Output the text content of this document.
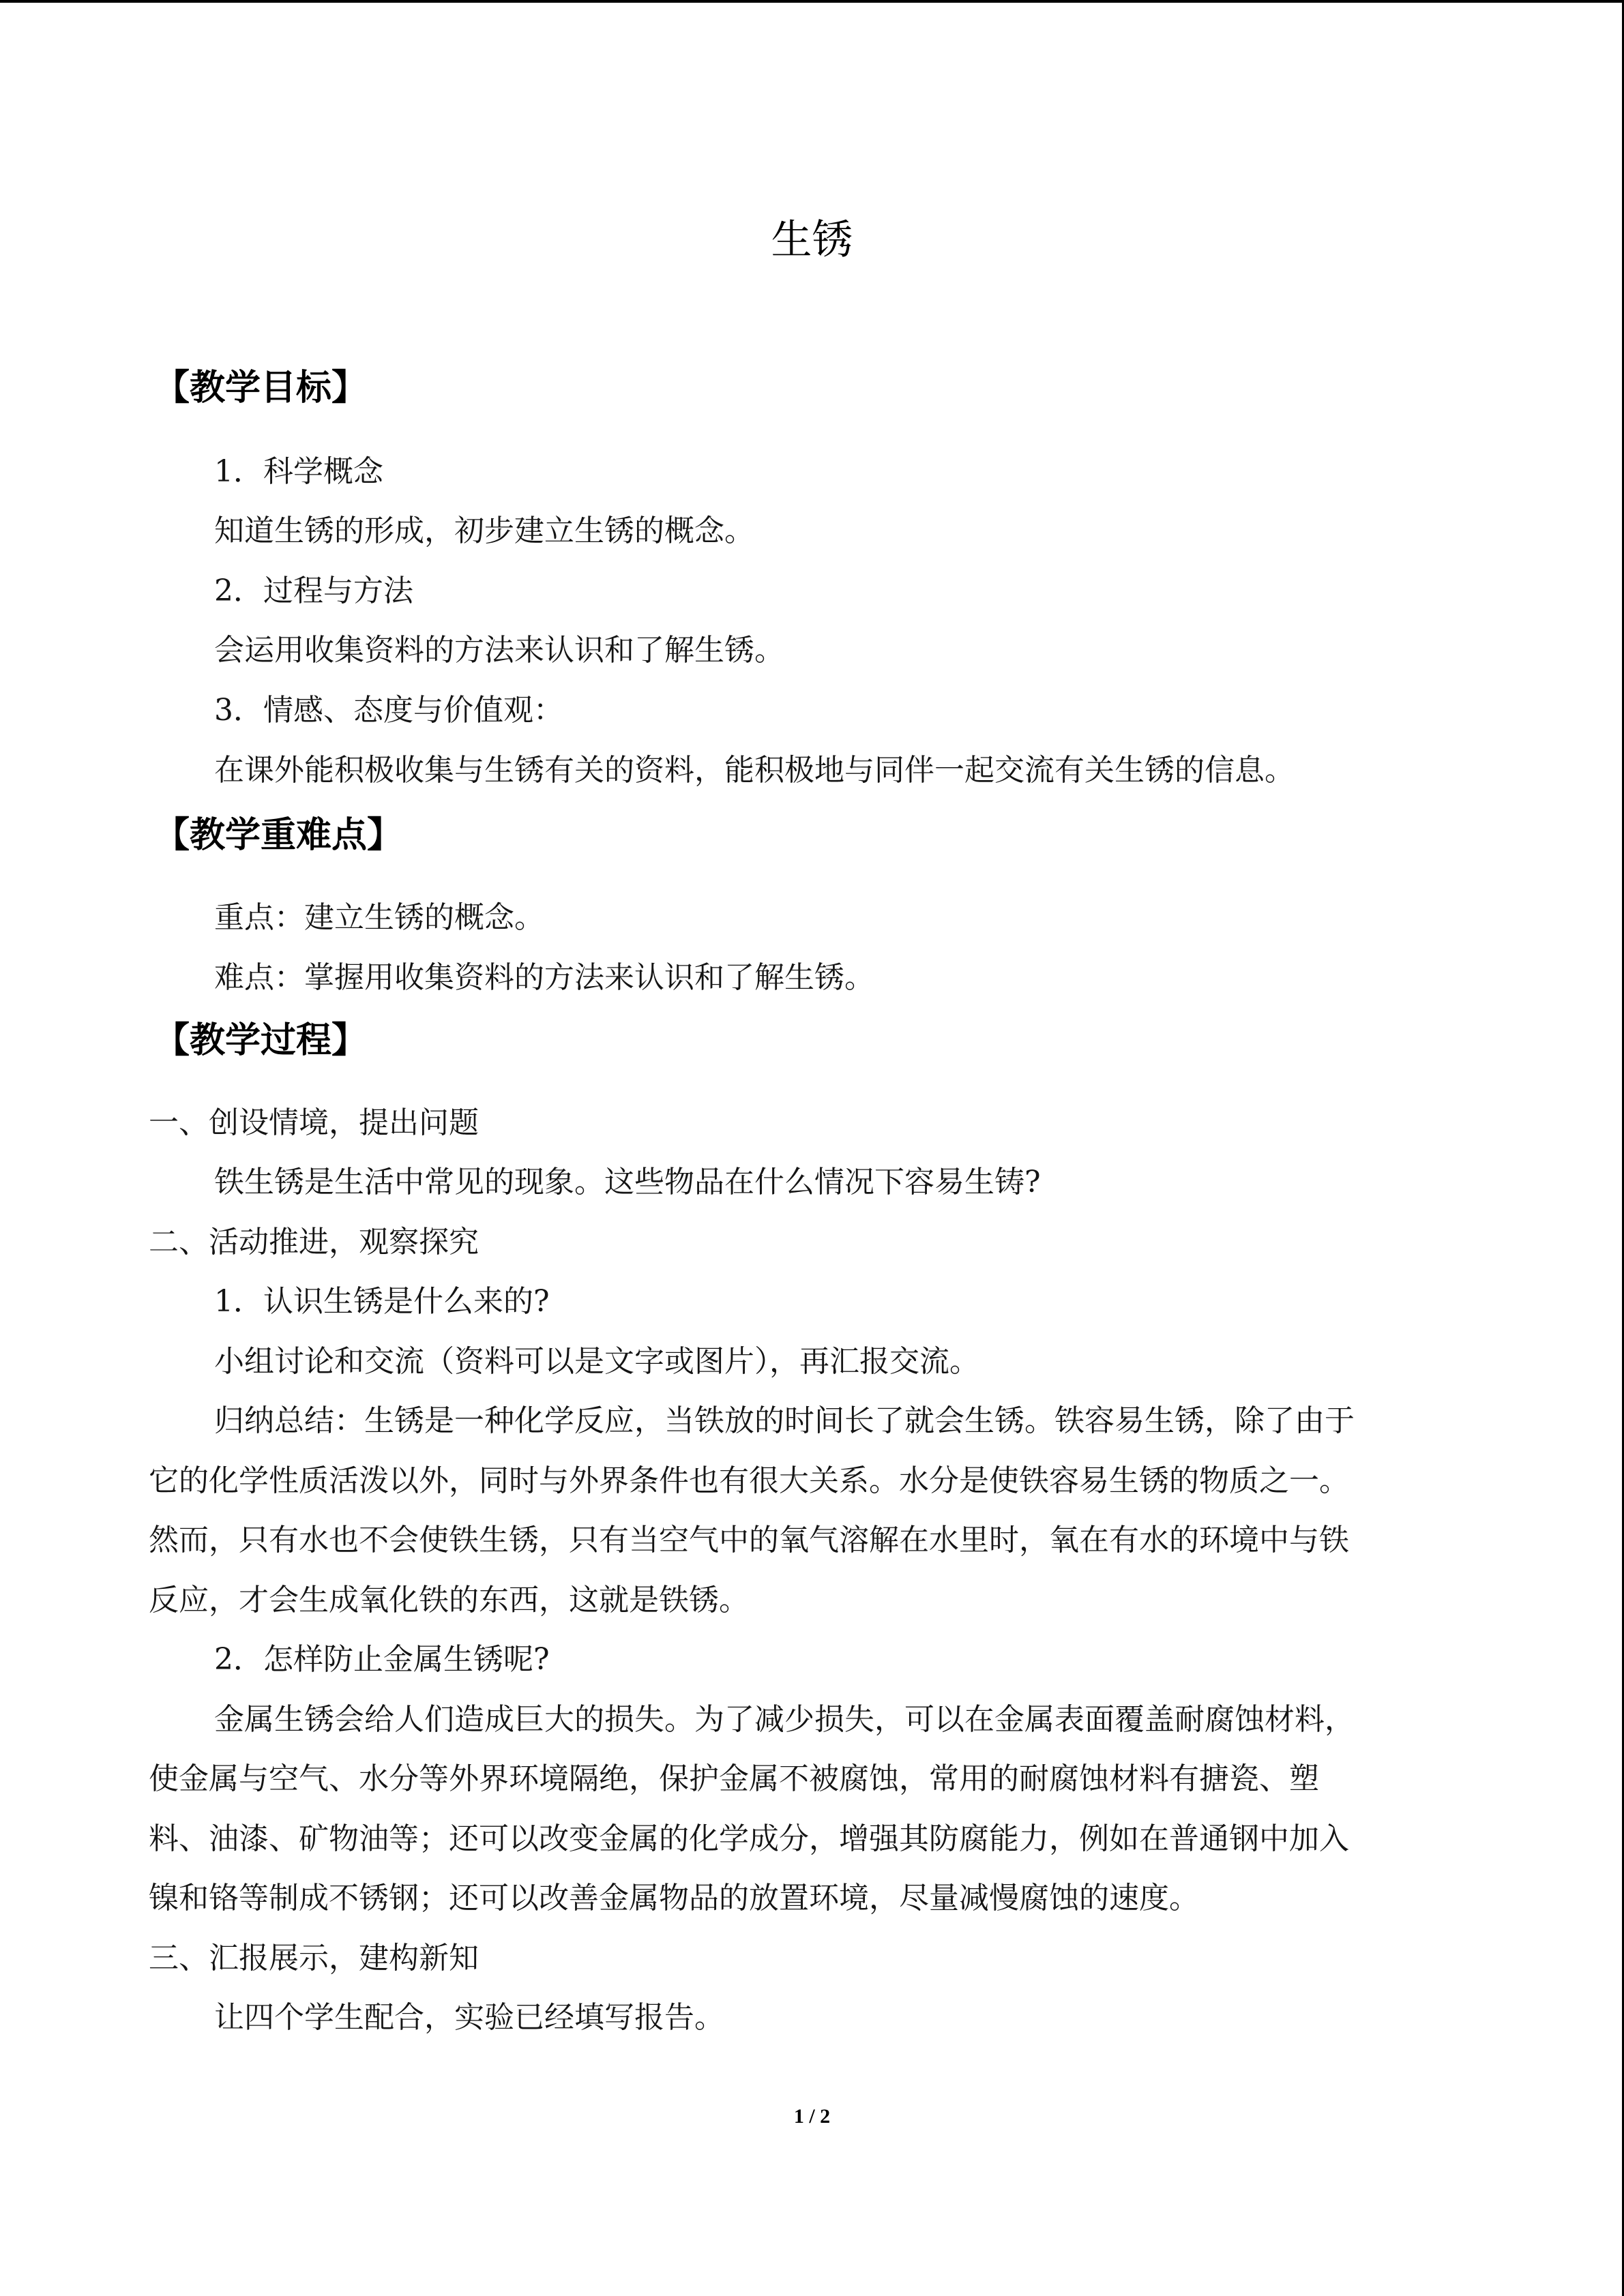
生锈
【教学目标】
1．科学概念
知道生锈的形成，初步建立生锈的概念。
2．过程与方法
会运用收集资料的方法来认识和了解生锈。
3．情感、态度与价值观：
在课外能积极收集与生锈有关的资料，能积极地与同伴一起交流有关生锈的信息。
【教学重难点】
重点：建立生锈的概念。
难点：掌握用收集资料的方法来认识和了解生锈。
【教学过程】
一、创设情境，提出问题
铁生锈是生活中常见的现象。这些物品在什么情况下容易生铸?
二、活动推进，观察探究
1．认识生锈是什么来的?
小组讨论和交流（资料可以是文字或图片），再汇报交流。
归纳总结：生锈是一种化学反应，当铁放的时间长了就会生锈。铁容易生锈，除了由于
它的化学性质活泼以外，同时与外界条件也有很大关系。水分是使铁容易生锈的物质之一。
然而，只有水也不会使铁生锈，只有当空气中的氧气溶解在水里时，氧在有水的环境中与铁
反应，才会生成氧化铁的东西，这就是铁锈。
2．怎样防止金属生锈呢?
金属生锈会给人们造成巨大的损失。为了减少损失，可以在金属表面覆盖耐腐蚀材料，
使金属与空气、水分等外界环境隔绝，保护金属不被腐蚀，常用的耐腐蚀材料有搪瓷、塑
料、油漆、矿物油等；还可以改变金属的化学成分，增强其防腐能力，例如在普通钢中加入
镍和铬等制成不锈钢；还可以改善金属物品的放置环境，尽量减慢腐蚀的速度。
三、汇报展示，建构新知
让四个学生配合，实验已经填写报告。
1 / 2
